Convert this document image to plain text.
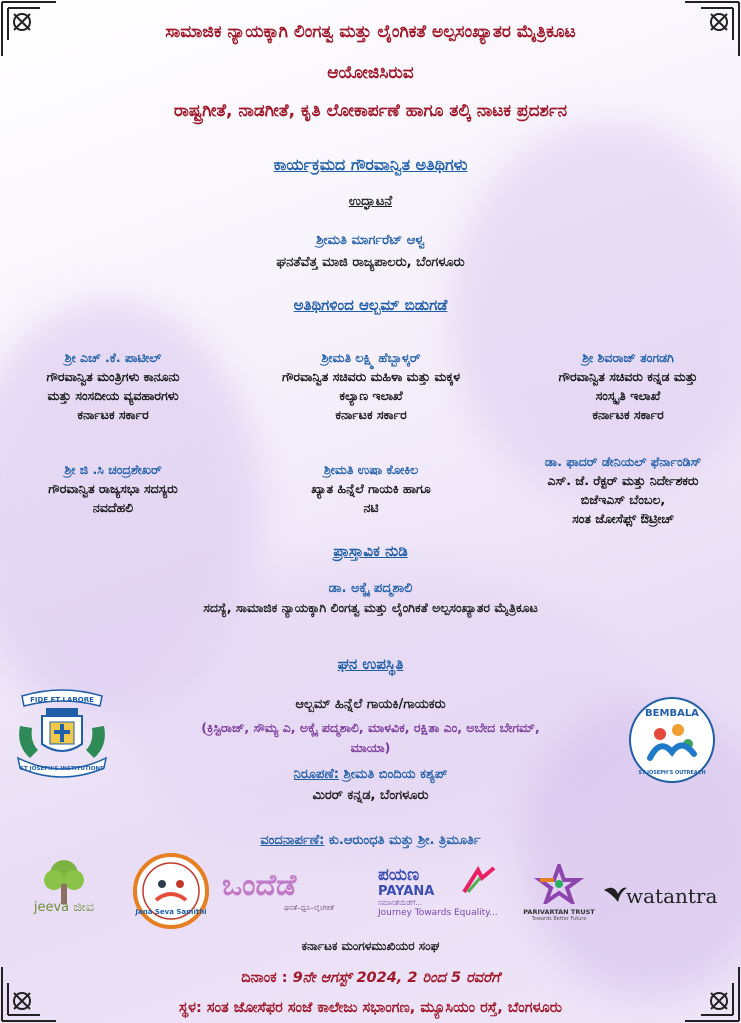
ಸಾಮಾಜಿಕ ನ್ಯಾಯಕ್ಕಾಗಿ ಲಿಂಗತ್ವ ಮತ್ತು ಲೈಂಗಿಕತೆ ಅಲ್ಪಸಂಖ್ಯಾತರ ಮೈತ್ರಿಕೂಟ
ಆಯೋಜಿಸಿರುವ
ರಾಷ್ಟ್ರಗೀತೆ, ನಾಡಗೀತೆ, ಕೃತಿ ಲೋಕಾರ್ಪಣೆ ಹಾಗೂ ತಲ್ಕಿ ನಾಟಕ ಪ್ರದರ್ಶನ
ಕಾರ್ಯಕ್ರಮದ ಗೌರವಾನ್ವಿತ ಅತಿಥಿಗಳು
ಉದ್ಘಾಟನೆ
ಶ್ರೀಮತಿ ಮಾರ್ಗರೆಟ್ ಆಳ್ವ
ಘನತೆವೆತ್ತ ಮಾಜಿ ರಾಜ್ಯಪಾಲರು, ಬೆಂಗಳೂರು
ಅತಿಥಿಗಳಿಂದ ಆಲ್ಬಮ್ ಬಿಡುಗಡೆ
ಶ್ರೀ ಎಚ್ .ಕೆ. ಪಾಟೀಲ್
ಗೌರವಾನ್ವಿತ ಮಂತ್ರಿಗಳು ಕಾನೂನು
ಮತ್ತು ಸಂಸದೀಯ ವ್ಯವಹಾರಗಳು
ಕರ್ನಾಟಕ ಸರ್ಕಾರ
ಶ್ರೀಮತಿ ಲಕ್ಷ್ಮಿ ಹೆಬ್ಬಾಳ್ಕರ್
ಗೌರವಾನ್ವಿತ ಸಚಿವರು ಮಹಿಳಾ ಮತ್ತು ಮಕ್ಕಳ
ಕಲ್ಯಾಣ ಇಲಾಖೆ
ಕರ್ನಾಟಕ ಸರ್ಕಾರ
ಶ್ರೀ ಶಿವರಾಜ್ ತಂಗಡಗಿ
ಗೌರವಾನ್ವಿತ ಸಚಿವರು ಕನ್ನಡ ಮತ್ತು
ಸಂಸ್ಕೃತಿ ಇಲಾಖೆ
ಕರ್ನಾಟಕ ಸರ್ಕಾರ
ಶ್ರೀ ಜಿ .ಸಿ ಚಂದ್ರಶೇಖರ್
ಗೌರವಾನ್ವಿತ ರಾಜ್ಯಸಭಾ ಸದಸ್ಯರು
ನವದೆಹಲಿ
ಶ್ರೀಮತಿ ಉಷಾ ಕೋಕಿಲ
ಖ್ಯಾತ ಹಿನ್ನೆಲೆ ಗಾಯಕಿ ಹಾಗೂ
ನಟಿ
ಡಾ. ಫಾದರ್ ಡೇನಿಯಲ್ ಫೆರ್ನಾಂಡಿಸ್
ಎಸ್. ಜೆ. ರೆಕ್ಟರ್ ಮತ್ತು ನಿರ್ದೇಶಕರು
ಬಿಜೆಇಎಸ್ ಬೆಂಬಲ,
ಸಂತ ಜೋಸೆಫ್ಸ್ ಔಟ್ರೀಚ್
ಪ್ರಾಸ್ತಾವಿಕ ನುಡಿ
ಡಾ. ಅಕ್ಕೈ ಪದ್ಮಶಾಲಿ
ಸದಸ್ಯೆ, ಸಾಮಾಜಿಕ ನ್ಯಾಯಕ್ಕಾಗಿ ಲಿಂಗತ್ವ ಮತ್ತು ಲೈಂಗಿಕತೆ ಅಲ್ಪಸಂಖ್ಯಾತರ ಮೈತ್ರಿಕೂಟ
ಘನ ಉಪಸ್ಥಿತಿ
ಆಲ್ಬಮ್ ಹಿನ್ನೆಲೆ ಗಾಯಕಿ/ಗಾಯಕರು
(ಕ್ರಿಸ್ಟಿರಾಜ್, ಸೌಮ್ಯ ಎ, ಅಕ್ಕೈ ಪದ್ಮಶಾಲಿ, ಮಾಳವಿಕ, ರಕ್ಷಿತಾ ಎಂ, ಅಬೇದ ಬೇಗಮ್,
ಮಾಯಾ)
ನಿರೂಪಣೆ: ಶ್ರೀಮತಿ ಬಿಂದಿಯ ಕಶ್ಯಪ್
ಮಿರರ್ ಕನ್ನಡ, ಬೆಂಗಳೂರು
ವಂದನಾರ್ಪಣೆ: ಕು.ಆರುಂಧತಿ ಮತ್ತು ಶ್ರೀ. ತ್ರಿಮೂರ್ತಿ
FIDE ET LABORE
ST JOSEPH'S INSTITUTIONS
BEMBALA
ST JOSEPH'S OUTREACH
jeeva ಜೀವ	Jana Seva Samithi
ಒಂದೆಡೆ
ಘನತೆ–ಧ್ವನಿ–ಲೈಂಗಿಕತೆ
ಪಯಣ
PAYANA
ಸಮಾನತೆಯೆಡೆಗೆ...
Journey Towards Equality...	PARIVARTAN TRUST
Towards Better Future
watantra
ಕರ್ನಾಟಕ ಮಂಗಳಮುಖಿಯರ ಸಂಘ
ದಿನಾಂಕ : 9ನೇ ಆಗಸ್ಟ್ 2024, 2 ರಿಂದ 5 ರವರೆಗೆ
ಸ್ಥಳ: ಸಂತ ಜೋಸೆಫರ ಸಂಜೆ ಕಾಲೇಜು ಸಭಾಂಗಣ, ಮ್ಯೂಸಿಯಂ ರಸ್ತೆ, ಬೆಂಗಳೂರು
